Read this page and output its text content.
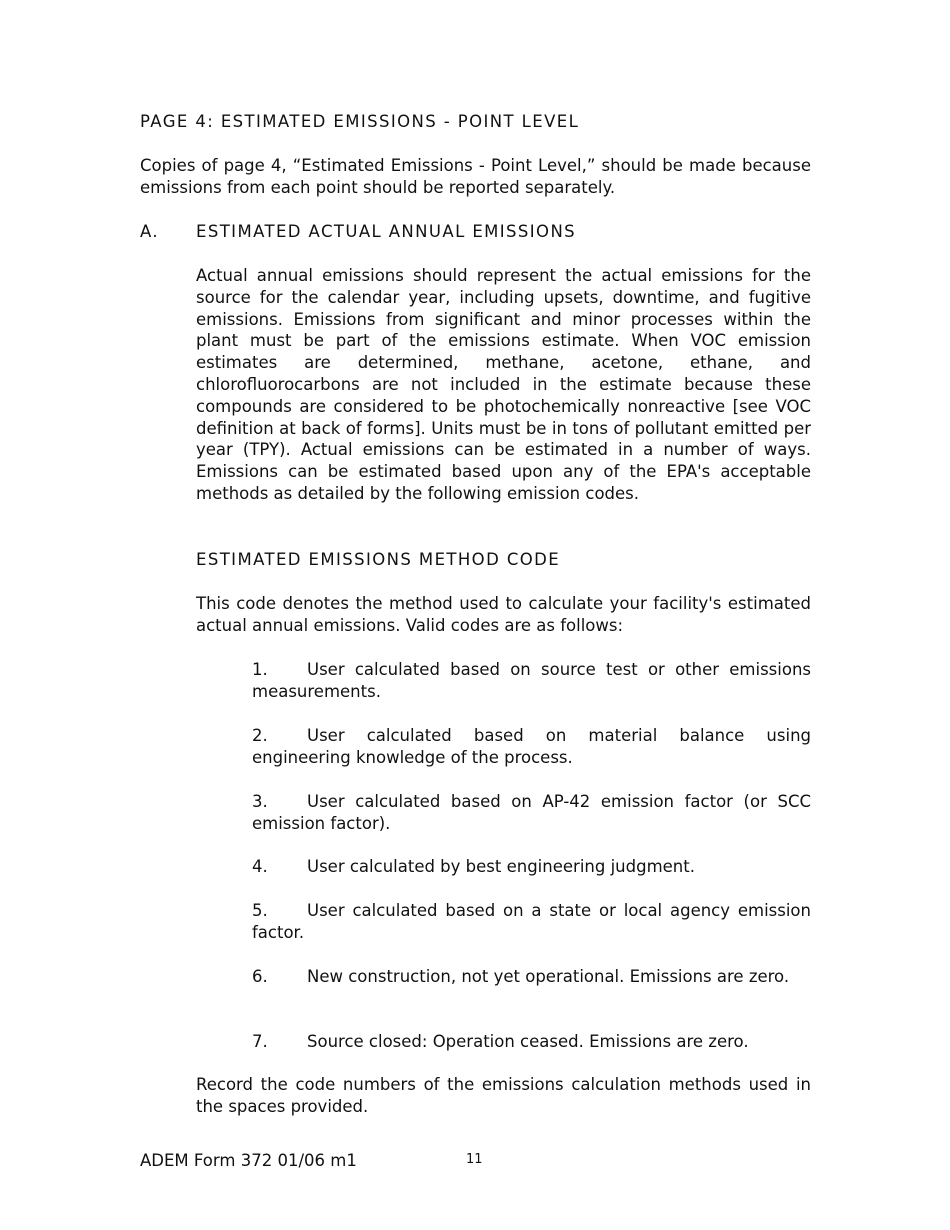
PAGE 4: ESTIMATED EMISSIONS - POINT LEVEL

Copies of page 4, “Estimated Emissions - Point Level,” should be made because emissions from each point should be reported separately.

A.	ESTIMATED ACTUAL ANNUAL EMISSIONS

Actual annual emissions should represent the actual emissions for the source for the calendar year, including upsets, downtime, and fugitive emissions. Emissions from significant and minor processes within the plant must be part of the emissions estimate. When VOC emission estimates are determined, methane, acetone, ethane, and chlorofluorocarbons are not included in the estimate because these compounds are considered to be photochemically nonreactive [see VOC definition at back of forms]. Units must be in tons of pollutant emitted per year (TPY). Actual emissions can be estimated in a number of ways. Emissions can be estimated based upon any of the EPA's acceptable methods as detailed by the following emission codes.

ESTIMATED EMISSIONS METHOD CODE

This code denotes the method used to calculate your facility's estimated actual annual emissions. Valid codes are as follows:

1. User calculated based on source test or other emissions measurements.

2. User calculated based on material balance using engineering knowledge of the process.

3. User calculated based on AP-42 emission factor (or SCC emission factor).

4. User calculated by best engineering judgment.

5. User calculated based on a state or local agency emission factor.

6. New construction, not yet operational. Emissions are zero.

7. Source closed: Operation ceased. Emissions are zero.

Record the code numbers of the emissions calculation methods used in the spaces provided.

ADEM Form 372 01/06 m1	11
